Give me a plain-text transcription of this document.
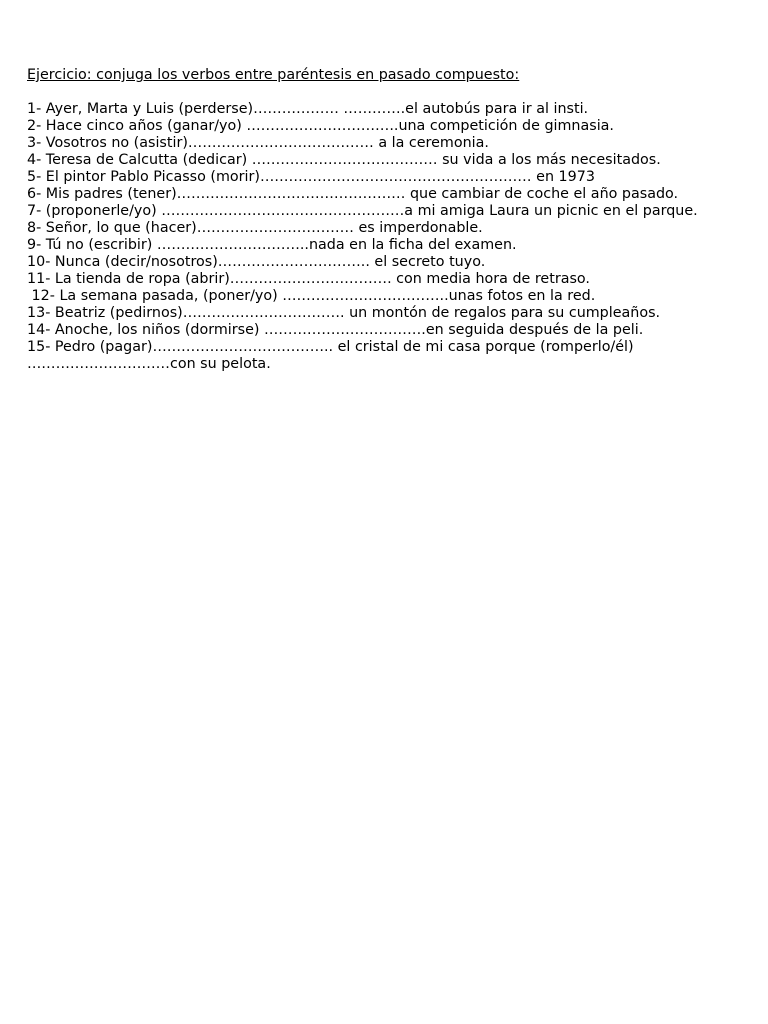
Ejercicio: conjuga los verbos entre paréntesis en pasado compuesto:
1- Ayer, Marta y Luis (perderse)……………… ………….el autobús para ir al insti.
2- Hace cinco años (ganar/yo) …………………………..una competición de gimnasia.
3- Vosotros no (asistir)………………………………… a la ceremonia.
4- Teresa de Calcutta (dedicar) ………………………………… su vida a los más necesitados.
5- El pintor Pablo Picasso (morir)………………………………………………… en 1973
6- Mis padres (tener)………………………………………… que cambiar de coche el año pasado.
7- (proponerle/yo) ……………………………………………a mi amiga Laura un picnic en el parque.
8- Señor, lo que (hacer)…………………………… es imperdonable.
9- Tú no (escribir) …………………………..nada en la ficha del examen.
10- Nunca (decir/nosotros)………………………….. el secreto tuyo.
11- La tienda de ropa (abrir)……………………………. con media hora de retraso.
12- La semana pasada, (poner/yo) ……………………………..unas fotos en la red.
13- Beatriz (pedirnos)……………………………. un montón de regalos para su cumpleaños.
14- Anoche, los niños (dormirse) …………………………….en seguida después de la peli.
15- Pedro (pagar)……………………………….. el cristal de mi casa porque (romperlo/él) …………………………con su pelota.
